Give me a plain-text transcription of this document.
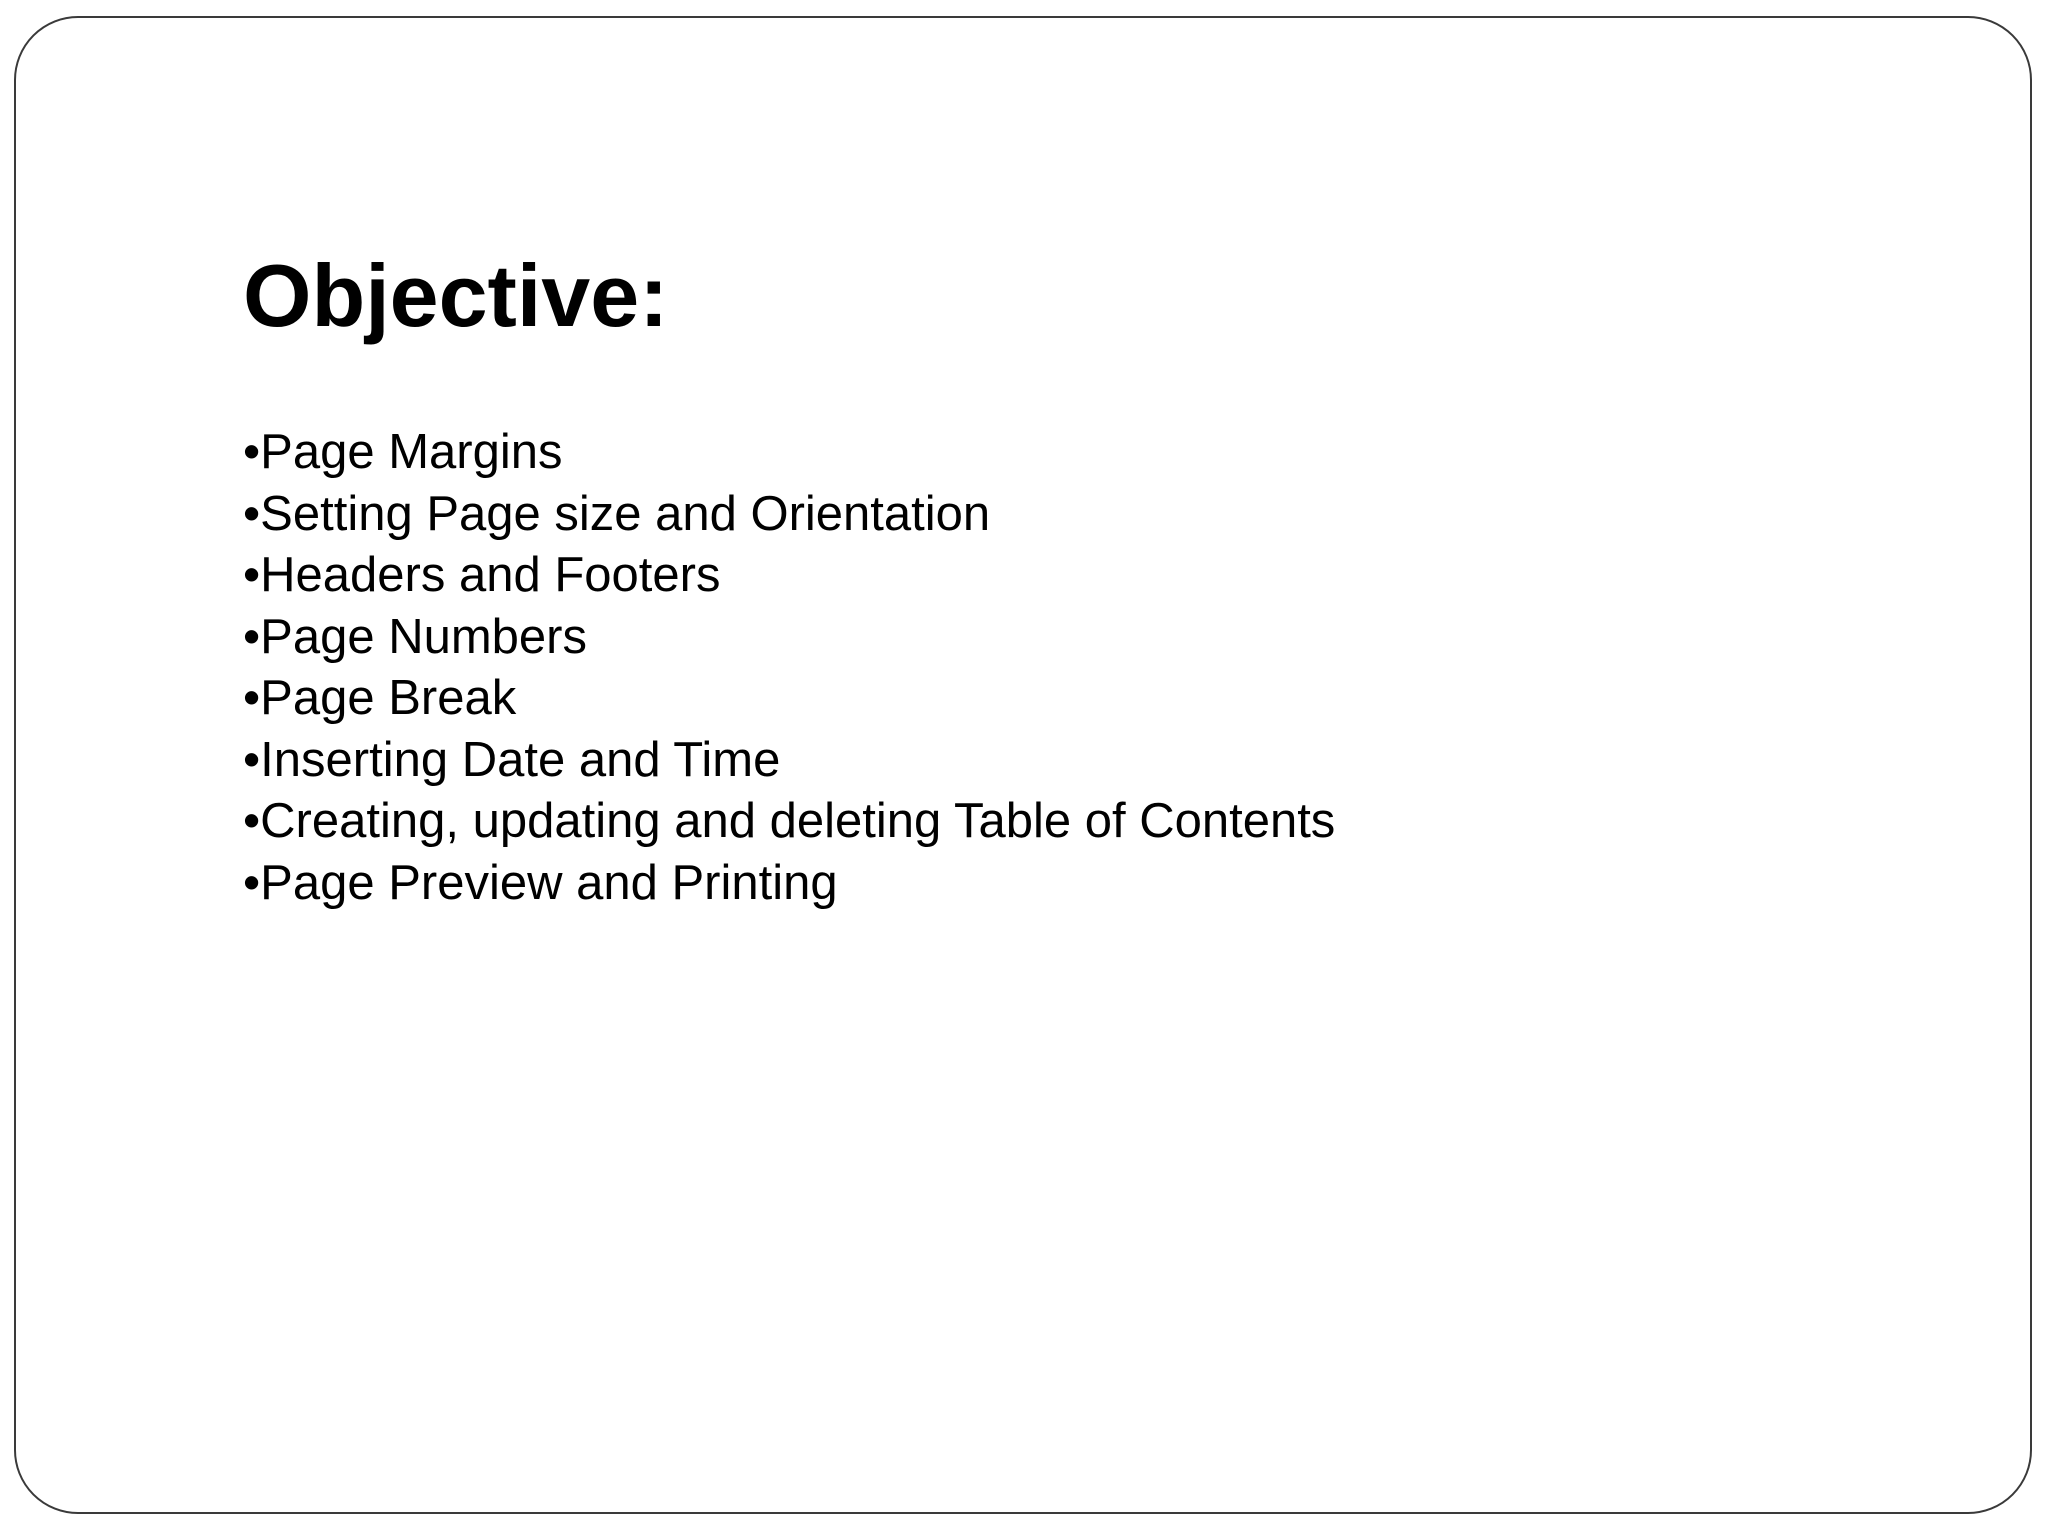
Objective:
•Page Margins
•Setting Page size and Orientation
•Headers and Footers
•Page Numbers
•Page Break
•Inserting Date and Time
•Creating, updating and deleting Table of Contents
•Page Preview and Printing
